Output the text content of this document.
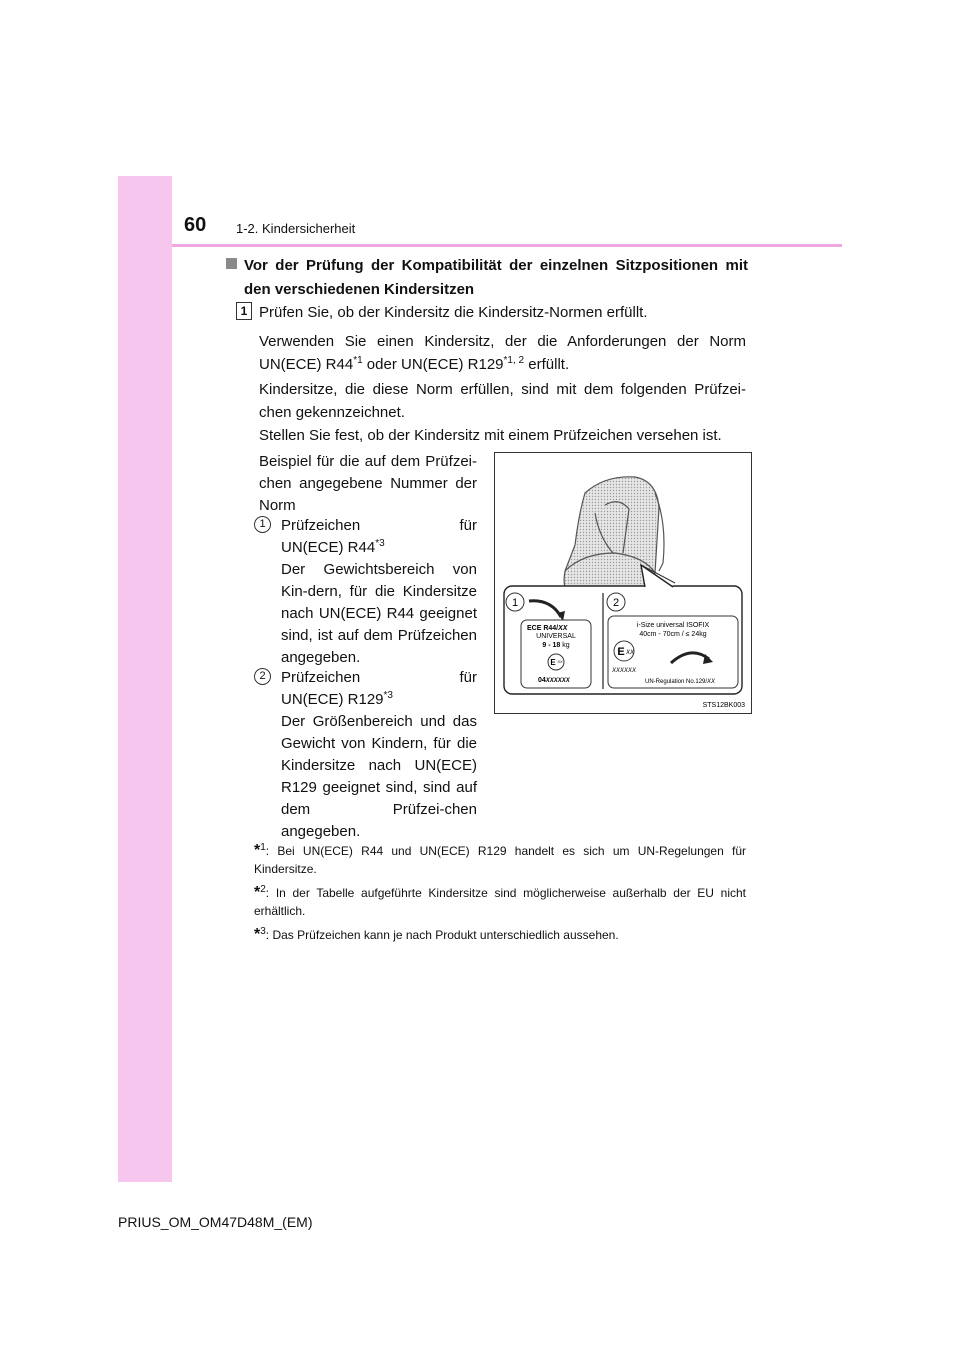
60 1-2. Kindersicherheit
Vor der Prüfung der Kompatibilität der einzelnen Sitzpositionen mit den verschiedenen Kindersitzen
1 Prüfen Sie, ob der Kindersitz die Kindersitz-Normen erfüllt.
Verwenden Sie einen Kindersitz, der die Anforderungen der Norm UN(ECE) R44$^{*1}$ oder UN(ECE) R129$^{*1, 2}$ erfüllt.
Kindersitze, die diese Norm erfüllen, sind mit dem folgenden Prüfzei-chen gekennzeichnet.
Stellen Sie fest, ob der Kindersitz mit einem Prüfzeichen versehen ist.
Beispiel für die auf dem Prüfzei-chen angegebene Nummer der Norm
1	Prüfzeichen	für
UN(ECE) R44$^{*3}$
Der Gewichtsbereich von Kin-dern, für die Kindersitze nach UN(ECE) R44 geeignet sind, ist auf dem Prüfzeichen angegeben.
2	Prüfzeichen	für
UN(ECE) R129$^{*3}$
Der Größenbereich und das Gewicht von Kindern, für die Kindersitze nach UN(ECE) R129 geeignet sind, sind auf dem Prüfzei-chen angegeben.
1	2
ECE R44/XX
UNIVERSAL
9 - 18 kg
E XX
04XXXXXX
i-Size universal ISOFIX
40cm - 70cm / ≤ 24kg
E XX
XXXXXX
UN-Regulation No.129/XX
STS12BK003
*$^1$: Bei UN(ECE) R44 und UN(ECE) R129 handelt es sich um UN-Regelungen für Kindersitze.
*$^2$: In der Tabelle aufgeführte Kindersitze sind möglicherweise außerhalb der EU nicht erhältlich.
*$^3$: Das Prüfzeichen kann je nach Produkt unterschiedlich aussehen.
PRIUS_OM_OM47D48M_(EM)
